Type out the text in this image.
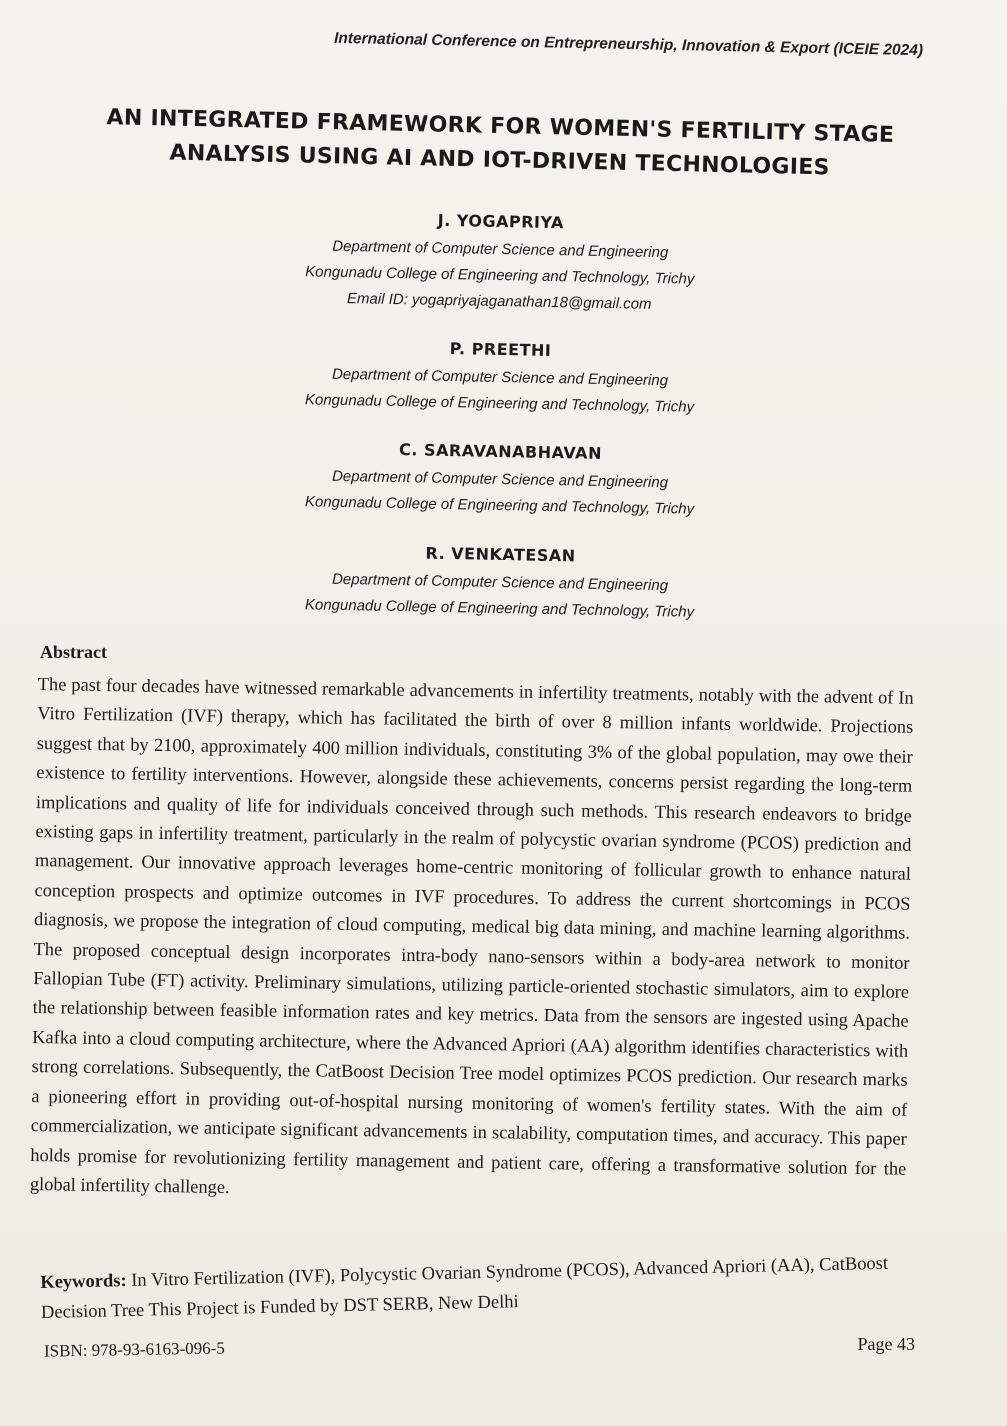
International Conference on Entrepreneurship, Innovation & Export (ICEIE 2024)
AN INTEGRATED FRAMEWORK FOR WOMEN'S FERTILITY STAGE
ANALYSIS USING AI AND IOT-DRIVEN TECHNOLOGIES
J. YOGAPRIYA
Department of Computer Science and Engineering
Kongunadu College of Engineering and Technology, Trichy
Email ID: yogapriyajaganathan18@gmail.com
P. PREETHI
Department of Computer Science and Engineering
Kongunadu College of Engineering and Technology, Trichy
C. SARAVANABHAVAN
Department of Computer Science and Engineering
Kongunadu College of Engineering and Technology, Trichy
R. VENKATESAN
Department of Computer Science and Engineering
Kongunadu College of Engineering and Technology, Trichy
Abstract
The past four decades have witnessed remarkable advancements in infertility treatments, notably with the advent of In Vitro Fertilization (IVF) therapy, which has facilitated the birth of over 8 million infants worldwide. Projections suggest that by 2100, approximately 400 million individuals, constituting 3% of the global population, may owe their existence to fertility interventions. However, alongside these achievements, concerns persist regarding the long-term implications and quality of life for individuals conceived through such methods. This research endeavors to bridge existing gaps in infertility treatment, particularly in the realm of polycystic ovarian syndrome (PCOS) prediction and management. Our innovative approach leverages home-centric monitoring of follicular growth to enhance natural conception prospects and optimize outcomes in IVF procedures. To address the current shortcomings in PCOS diagnosis, we propose the integration of cloud computing, medical big data mining, and machine learning algorithms. The proposed conceptual design incorporates intra-body nano-sensors within a body-area network to monitor Fallopian Tube (FT) activity. Preliminary simulations, utilizing particle-oriented stochastic simulators, aim to explore the relationship between feasible information rates and key metrics. Data from the sensors are ingested using Apache Kafka into a cloud computing architecture, where the Advanced Apriori (AA) algorithm identifies characteristics with strong correlations. Subsequently, the CatBoost Decision Tree model optimizes PCOS prediction. Our research marks a pioneering effort in providing out-of-hospital nursing monitoring of women's fertility states. With the aim of commercialization, we anticipate significant advancements in scalability, computation times, and accuracy. This paper holds promise for revolutionizing fertility management and patient care, offering a transformative solution for the global infertility challenge.
Keywords: In Vitro Fertilization (IVF), Polycystic Ovarian Syndrome (PCOS), Advanced Apriori (AA), CatBoost Decision Tree This Project is Funded by DST SERB, New Delhi
ISBN: 978-93-6163-096-5	Page 43
